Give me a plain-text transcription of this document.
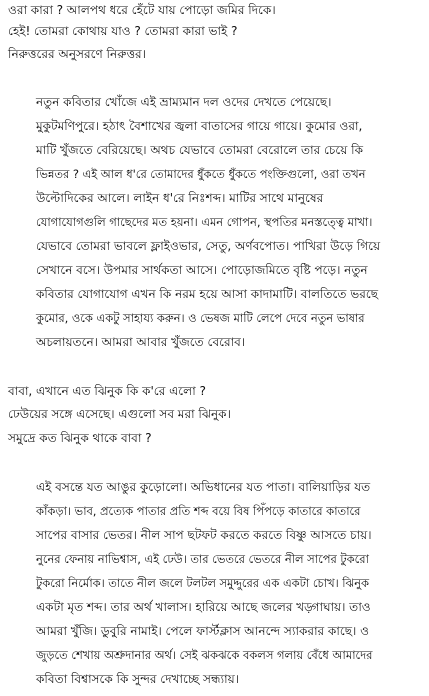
ওরা কারা ? আলপথ ধরে হেঁটে যায় পোড়ো জমির দিকে।
হেই! তোমরা কোথায় যাও ? তোমরা কারা ভাই ?
নিরুত্তরের অনুসরণে নিরুত্তর।
নতুন কবিতার খোঁজে এই ভ্রাম্যমান দল ওদের দেখতে পেয়েছে।
মুকুটমণিপুরে। হঠাৎ বৈশাখের জ্বলা বাতাসের গায়ে গায়ে। কুমোর ওরা,
মাটি খুঁজতে বেরিয়েছে। অথচ যেভাবে তোমরা বেরোলে তার চেয়ে কি
ভিন্নতর ? এই আল ধ'রে তোমাদের ধুঁকতে ধুঁকতে পংক্তিগুলো, ওরা তখন
উল্টোদিকের আলে। লাইন ধ'রে নিঃশব্দ। মাটির সাথে মানুষের
যোগাযোগগুলি গাছেদের মত হয়না। এমন গোপন, স্থপতির মনস্তত্ত্বে মাখা।
যেভাবে তোমরা ভাবলে ফ্লাইওভার, সেতু, অর্ণবপোত। পাখিরা উড়ে গিয়ে
সেখানে বসে। উপমার সার্থকতা আসে। পোড়োজমিতে বৃষ্টি পড়ে। নতুন
কবিতার যোগাযোগ এখন কি নরম হয়ে আসা কাদামাটি। বালতিতে ভরছে
কুমোর, ওকে একটু সাহায্য করুন। ও ভেষজ মাটি লেপে দেবে নতুন ভাষার
অচলায়তনে। আমরা আবার খুঁজতে বেরোব।
বাবা, এখানে এত ঝিনুক কি ক'রে এলো ?
ঢেউয়ের সঙ্গে এসেছে। এগুলো সব মরা ঝিনুক।
সমুদ্রে কত ঝিনুক থাকে বাবা ?
এই বসন্তে যত আঙুর কুড়োলো। অভিধানের যত পাতা। বালিয়াড়ির যত
কাঁকড়া। ভাব, প্রত্যেক পাতার প্রতি শব্দ বয়ে বিষ পিঁপড়ে কাতারে কাতারে
সাপের বাসার ভেতর। নীল সাপ ছটফট করতে করতে বিষ্ণু আসতে চায়।
নুনের ফেনায় নাভিশ্বাস, এই ঢেউ। তার ভেতরে ভেতরে নীল সাপের টুকরো
টুকরো নির্মোক। তাতে নীল জলে টলটল সমুদ্দুরের এক একটা চোখ। ঝিনুক
একটা মৃত শব্দ। তার অর্থ খালাস। হারিয়ে আছে জলের খড়্গাঘায়। তাও
আমরা খুঁজি। ডুবুরি নামাই। পেলে ফার্স্টক্লাস আনন্দে স্যাকরার কাছে। ও
জুড়তে শেখায় অশ্রুদানার অর্থ। সেই ঝকঝকে বকলস গলায় বেঁধে আমাদের
কবিতা বিশ্বাসকে কি সুন্দর দেখাচ্ছে সন্ধ্যায়।
